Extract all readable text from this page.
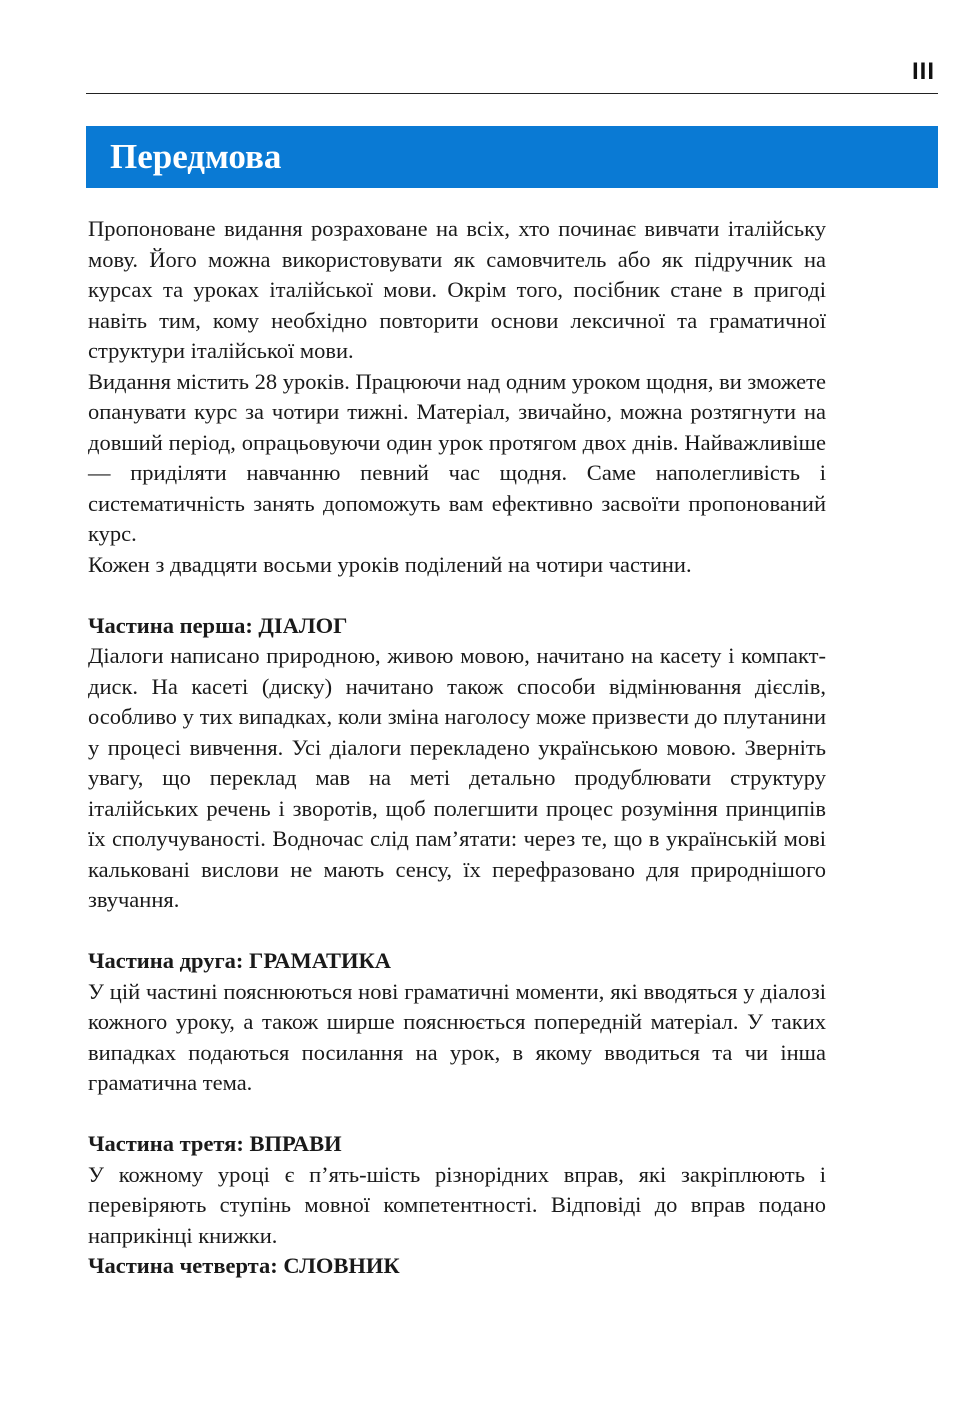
III
Передмова

Пропоноване видання розраховане на всіх, хто починає вивчати італійську мову. Його можна використовувати як самовчитель або як підручник на курсах та уроках італійської мови. Окрім того, посібник стане в пригоді навіть тим, кому необхідно повторити основи лексичної та граматичної структури італійської мови.

Видання містить 28 уроків. Працюючи над одним уроком щодня, ви зможете опанувати курс за чотири тижні. Матеріал, звичайно, можна розтягнути на довший період, опрацьовуючи один урок протягом двох днів. Найважливіше — приділяти навчанню певний час щодня. Саме наполегливість і систематичність занять допоможуть вам ефективно засвоїти пропонований курс.

Кожен з двадцяти восьми уроків поділений на чотири частини.

Частина перша: ДІАЛОГ

Діалоги написано природною, живою мовою, начитано на касету і компакт-диск. На касеті (диску) начитано також способи відмінювання дієслів, особливо у тих випадках, коли зміна наголосу може призвести до плутанини у процесі вивчення. Усі діалоги перекладено українською мовою. Зверніть увагу, що переклад мав на меті детально продублювати структуру італійських речень і зворотів, щоб полегшити процес розуміння принципів їх сполучуваності. Водночас слід пам’ятати: через те, що в українській мові кальковані вислови не мають сенсу, їх перефразовано для природнішого звучання.

Частина друга: ГРАМАТИКА

У цій частині пояснюються нові граматичні моменти, які вводяться у діалозі кожного уроку, а також ширше пояснюється попередній матеріал. У таких випадках подаються посилання на урок, в якому вводиться та чи інша граматична тема.

Частина третя: ВПРАВИ

У кожному уроці є п’ять-шість різнорідних вправ, які закріплюють і перевіряють ступінь мовної компетентності. Відповіді до вправ подано наприкінці книжки.

Частина четверта: СЛОВНИК
